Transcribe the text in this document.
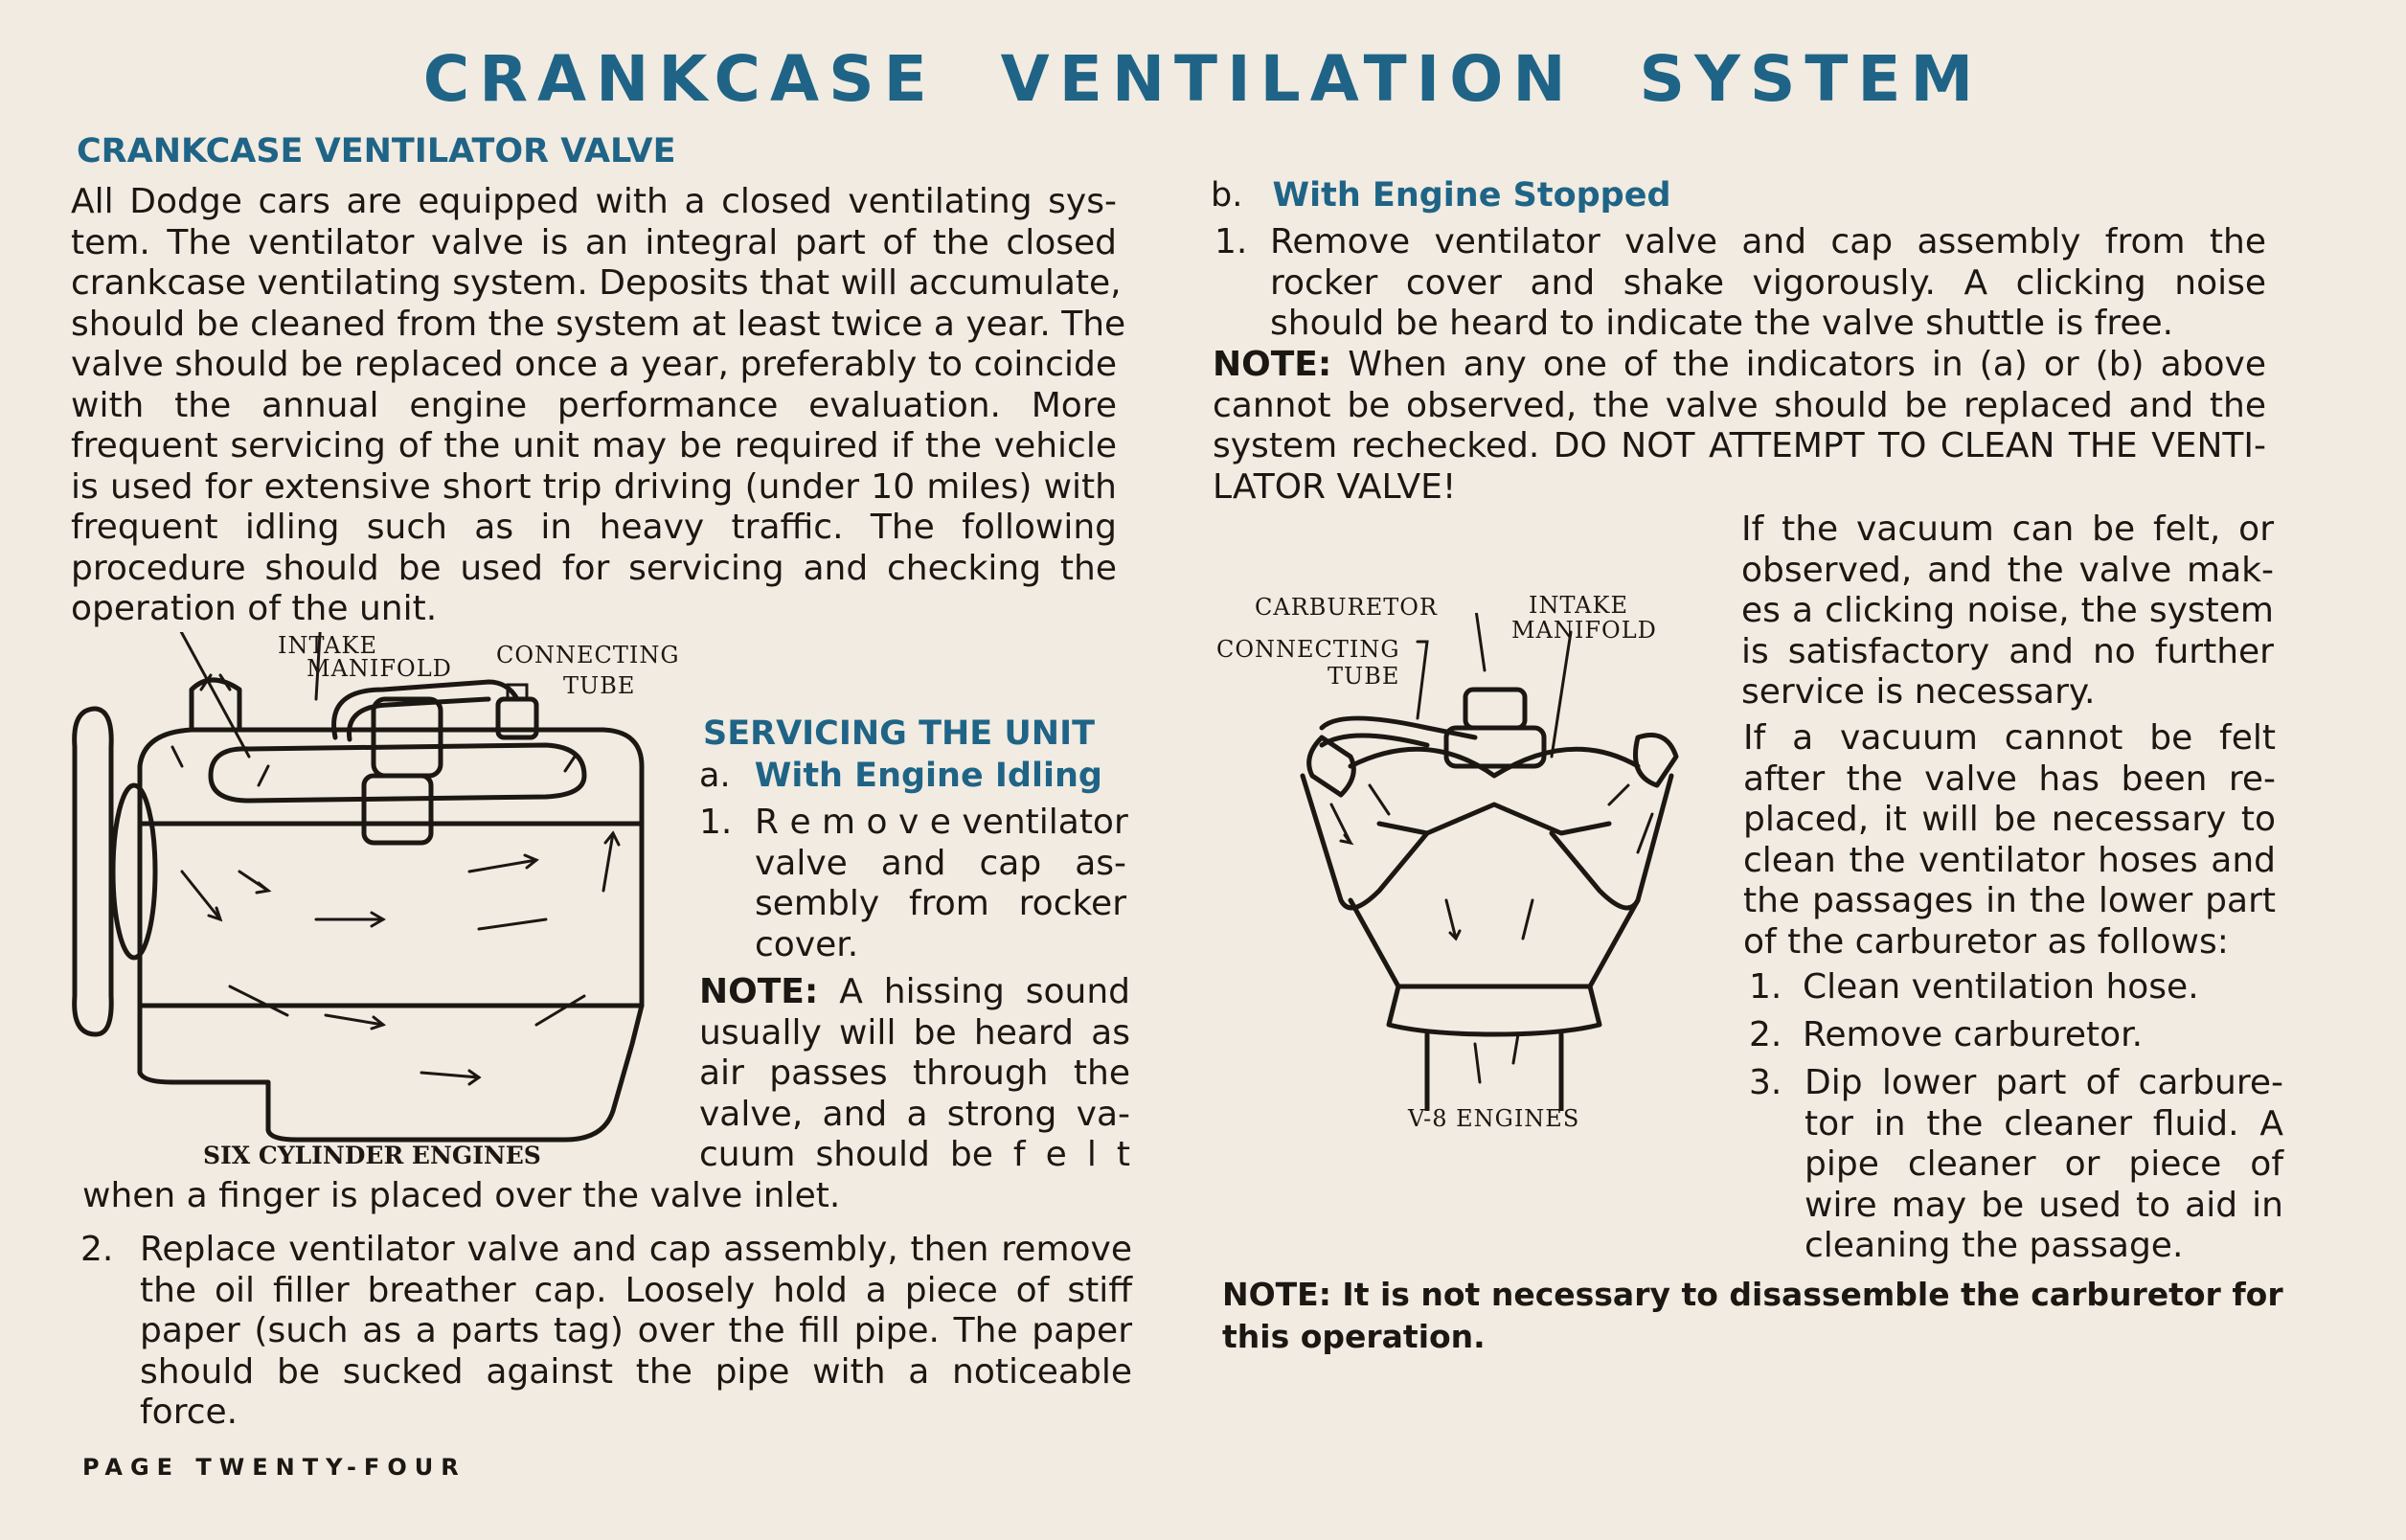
CRANKCASE VENTILATION SYSTEM
CRANKCASE VENTILATOR VALVE
All Dodge cars are equipped with a closed ventilating sys-
tem. The ventilator valve is an integral part of the closed
crankcase ventilating system. Deposits that will accumulate,
should be cleaned from the system at least twice a year. The
valve should be replaced once a year, preferably to coincide
with the annual engine performance evaluation. More
frequent servicing of the unit may be required if the vehicle
is used for extensive short trip driving (under 10 miles) with
frequent idling such as in heavy traffic. The following
procedure should be used for servicing and checking the
operation of the unit.
INTAKE
MANIFOLD CONNECTING
TUBE
SIX CYLINDER ENGINES
SERVICING THE UNIT
a. With Engine Idling
1. R e m o v e ventilator
valve and cap as-
sembly from rocker
cover.
NOTE: A hissing sound
usually will be heard as
air passes through the
valve, and a strong va-
cuum should be f e l t
when a finger is placed over the valve inlet.
2. Replace ventilator valve and cap assembly, then remove
the oil filler breather cap. Loosely hold a piece of stiff
paper (such as a parts tag) over the fill pipe. The paper
should be sucked against the pipe with a noticeable
force.
PAGE TWENTY-FOUR
b. With Engine Stopped
1. Remove ventilator valve and cap assembly from the
rocker cover and shake vigorously. A clicking noise
should be heard to indicate the valve shuttle is free.
NOTE: When any one of the indicators in (a) or (b) above
cannot be observed, the valve should be replaced and the
system rechecked. DO NOT ATTEMPT TO CLEAN THE VENTI-
LATOR VALVE!
CARBURETOR	INTAKE
MANIFOLD
CONNECTING
TUBE
V-8 ENGINES
If the vacuum can be felt, or
observed, and the valve mak-
es a clicking noise, the system
is satisfactory and no further
service is necessary.
If a vacuum cannot be felt
after the valve has been re-
placed, it will be necessary to
clean the ventilator hoses and
the passages in the lower part
of the carburetor as follows:
1. Clean ventilation hose.
2. Remove carburetor.
3. Dip lower part of carbure-
tor in the cleaner fluid. A
pipe cleaner or piece of
wire may be used to aid in
cleaning the passage.
NOTE: It is not necessary to disassemble the carburetor for
this operation.
